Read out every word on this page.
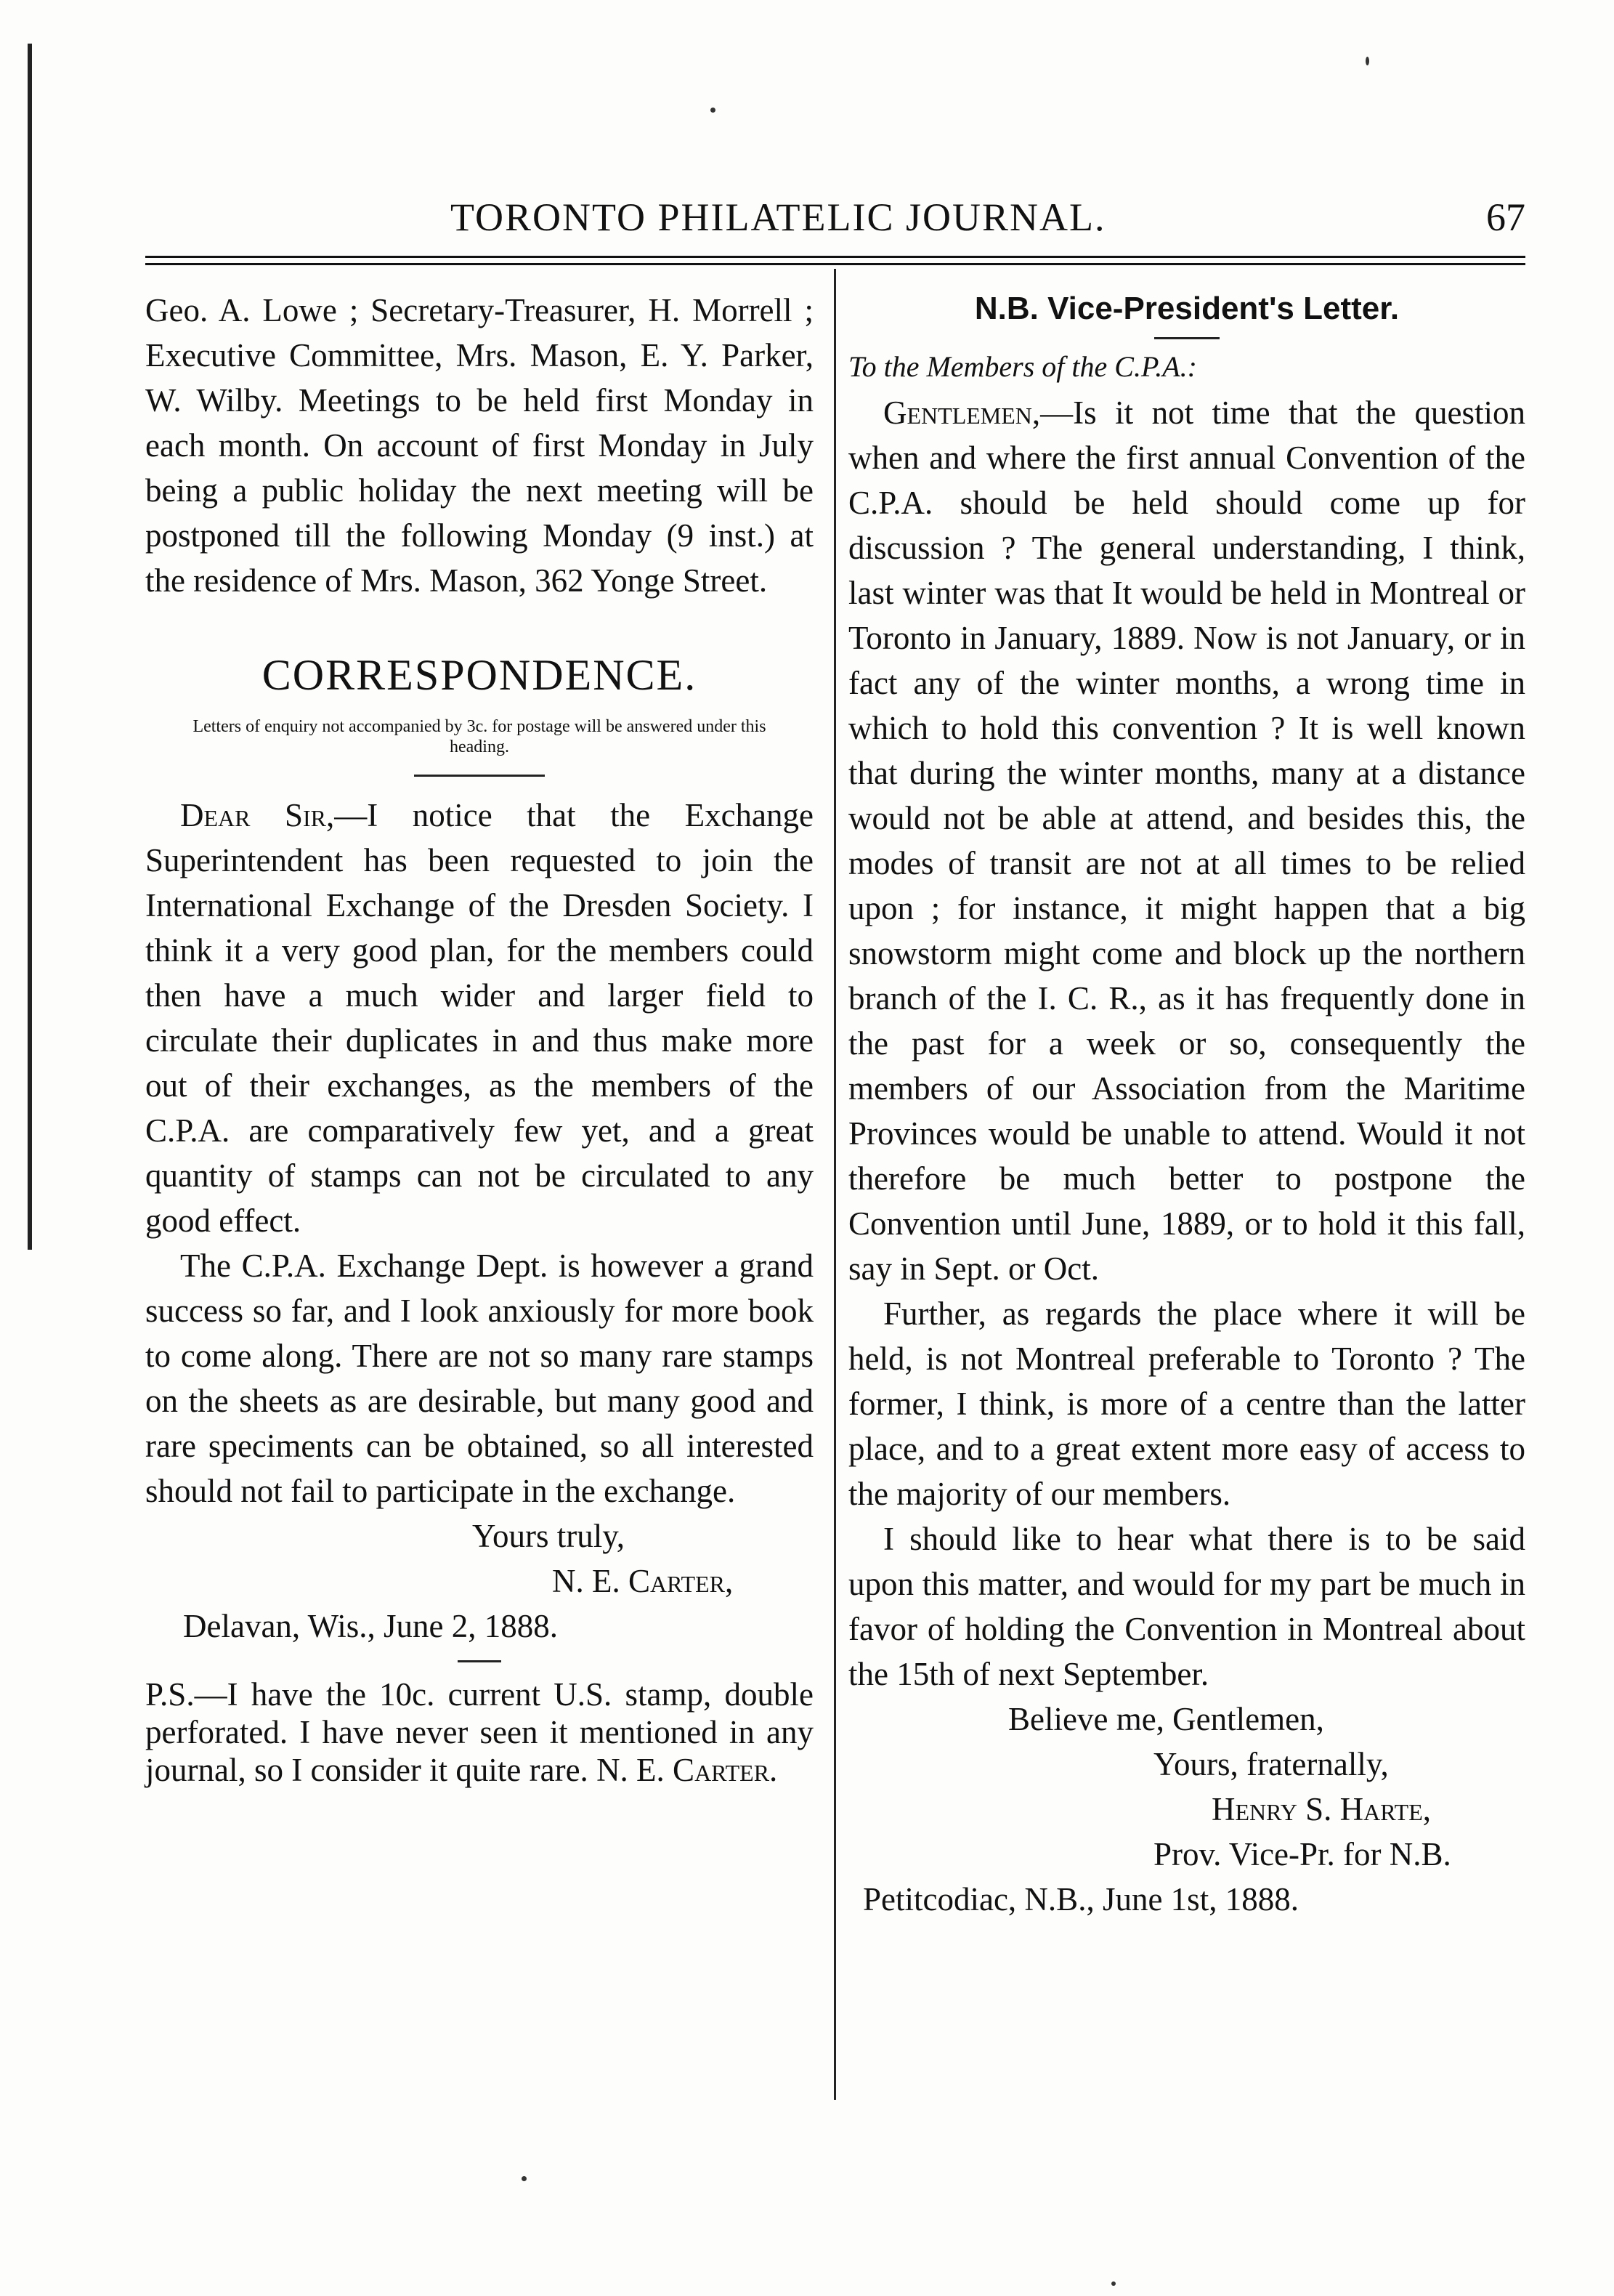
TORONTO PHILATELIC JOURNAL.	67

Geo. A. Lowe ; Secretary-Treasurer, H. Morrell ; Executive Committee, Mrs. Mason, E. Y. Parker, W. Wilby. Meetings to be held first Monday in each month. On account of first Monday in July being a public holiday the next meeting will be postponed till the following Monday (9 inst.) at the residence of Mrs. Mason, 362 Yonge Street.

CORRESPONDENCE.
Letters of enquiry not accompanied by 3c. for postage will be answered under this heading.

Dear Sir,—I notice that the Exchange Superintendent has been requested to join the International Exchange of the Dresden Society. I think it a very good plan, for the members could then have a much wider and larger field to circulate their duplicates in and thus make more out of their exchanges, as the members of the C.P.A. are comparatively few yet, and a great quantity of stamps can not be circulated to any good effect.

The C.P.A. Exchange Dept. is however a grand success so far, and I look anxiously for more book to come along. There are not so many rare stamps on the sheets as are desirable, but many good and rare speciments can be obtained, so all interested should not fail to participate in the exchange.

Yours truly,

N. E. Carter,

Delavan, Wis., June 2, 1888.

P.S.—I have the 10c. current U.S. stamp, double perforated. I have never seen it mentioned in any journal, so I consider it quite rare. N. E. Carter.

N.B. Vice-President's Letter.
To the Members of the C.P.A.:

Gentlemen,—Is it not time that the question when and where the first annual Convention of the C.P.A. should be held should come up for discussion ? The general understanding, I think, last winter was that It would be held in Montreal or Toronto in January, 1889. Now is not January, or in fact any of the winter months, a wrong time in which to hold this convention ? It is well known that during the winter months, many at a distance would not be able at attend, and besides this, the modes of transit are not at all times to be relied upon ; for instance, it might happen that a big snowstorm might come and block up the northern branch of the I. C. R., as it has frequently done in the past for a week or so, consequently the members of our Association from the Maritime Provinces would be unable to attend. Would it not therefore be much better to postpone the Convention until June, 1889, or to hold it this fall, say in Sept. or Oct.

Further, as regards the place where it will be held, is not Montreal preferable to Toronto ? The former, I think, is more of a centre than the latter place, and to a great extent more easy of access to the majority of our members.

I should like to hear what there is to be said upon this matter, and would for my part be much in favor of holding the Convention in Montreal about the 15th of next September.

Believe me, Gentlemen,

Yours, fraternally,

Henry S. Harte,

Prov. Vice-Pr. for N.B.

Petitcodiac, N.B., June 1st, 1888.
